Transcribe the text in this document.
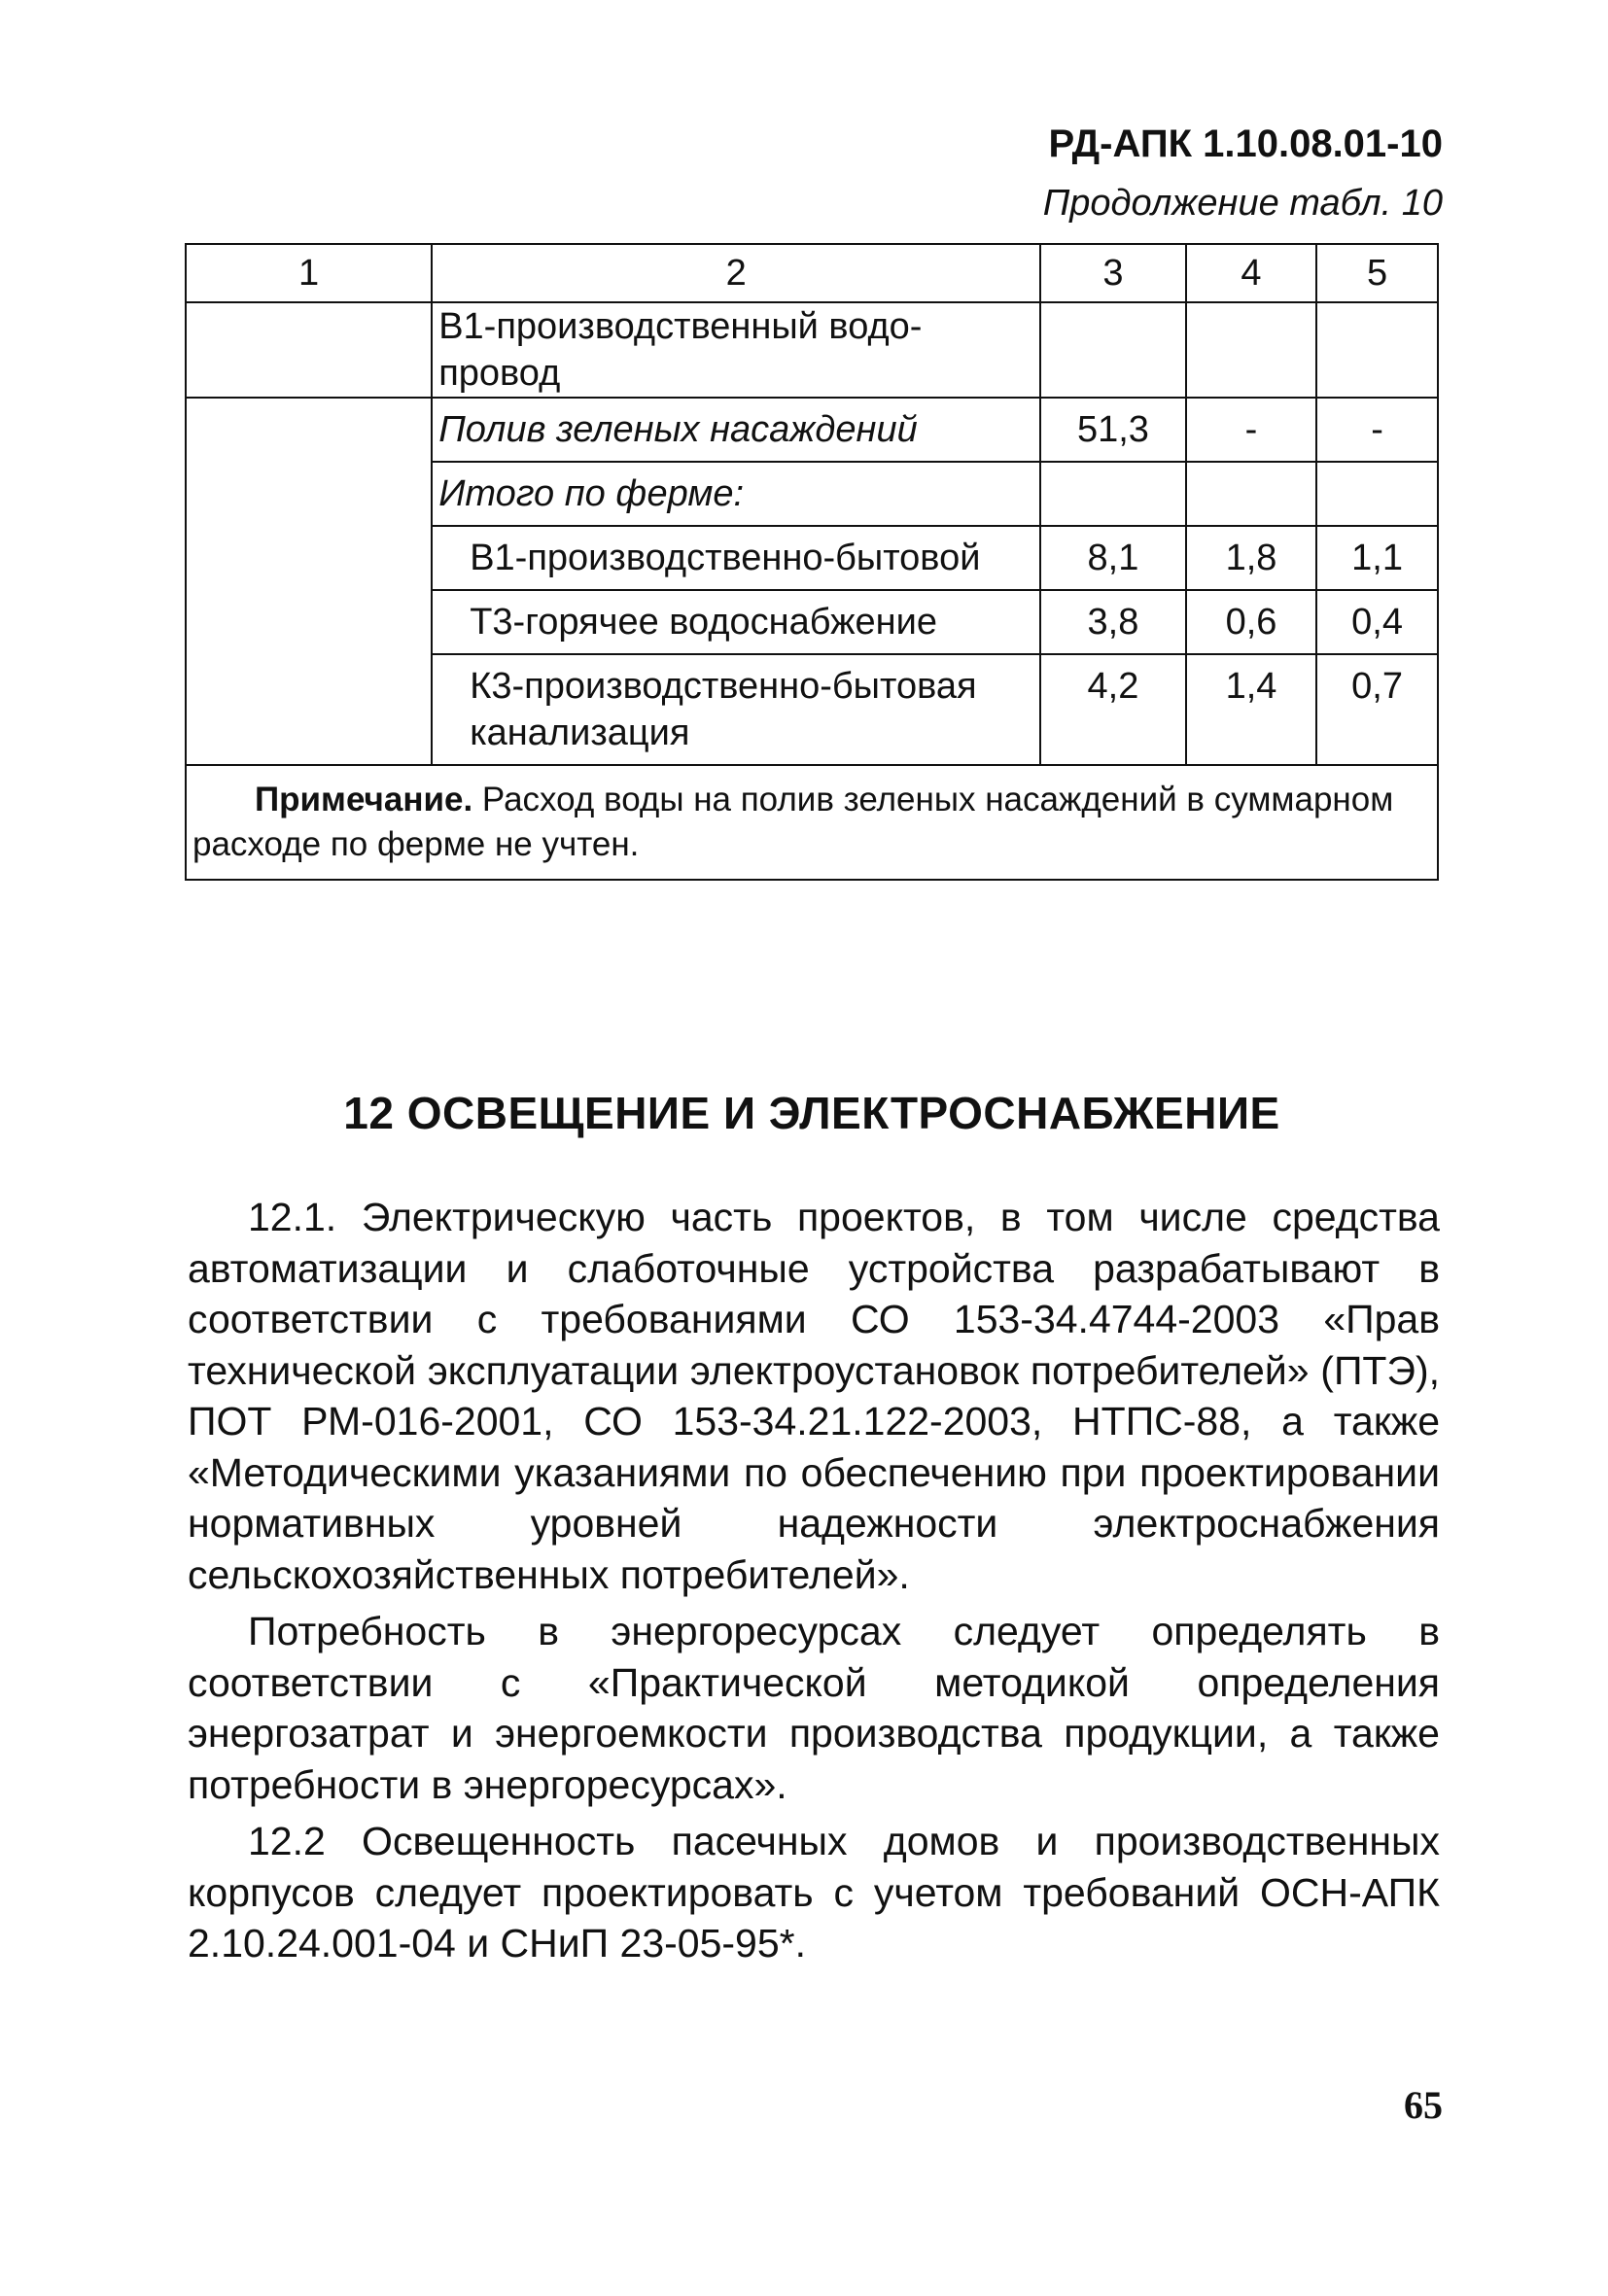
РД-АПК 1.10.08.01-10
Продолжение табл. 10
1	2	3	4	5
	В1-производственный водо-провод			
	Полив зеленых насаждений	51,3	-	-
	Итого по ферме:			
	В1-производственно-бытовой	8,1	1,8	1,1
	Т3-горячее водоснабжение	3,8	0,6	0,4
	К3-производственно-бытовая канализация	4,2	1,4	0,7
Примечание. Расход воды на полив зеленых насаждений в суммарном расходе по ферме не учтен.				
12 ОСВЕЩЕНИЕ И ЭЛЕКТРОСНАБЖЕНИЕ

12.1. Электрическую часть проектов, в том числе средства автоматизации и слаботочные устройства разрабатывают в соответствии с требованиями СО 153-34.4744-2003 «Прав технической эксплуатации электроустановок потребителей» (ПТЭ), ПОТ РМ-016-2001, СО 153-34.21.122-2003, НТПС-88, а также «Методическими указаниями по обеспечению при проектировании нормативных уровней надежности электроснабжения сельскохозяйственных потребителей».

Потребность в энергоресурсах следует определять в соответствии с «Практической методикой определения энергозатрат и энергоемкости производства продукции, а также потребности в энергоресурсах».

12.2 Освещенность пасечных домов и производственных корпусов следует проектировать с учетом требований ОСН-АПК 2.10.24.001-04 и СНиП 23-05-95*.

65
